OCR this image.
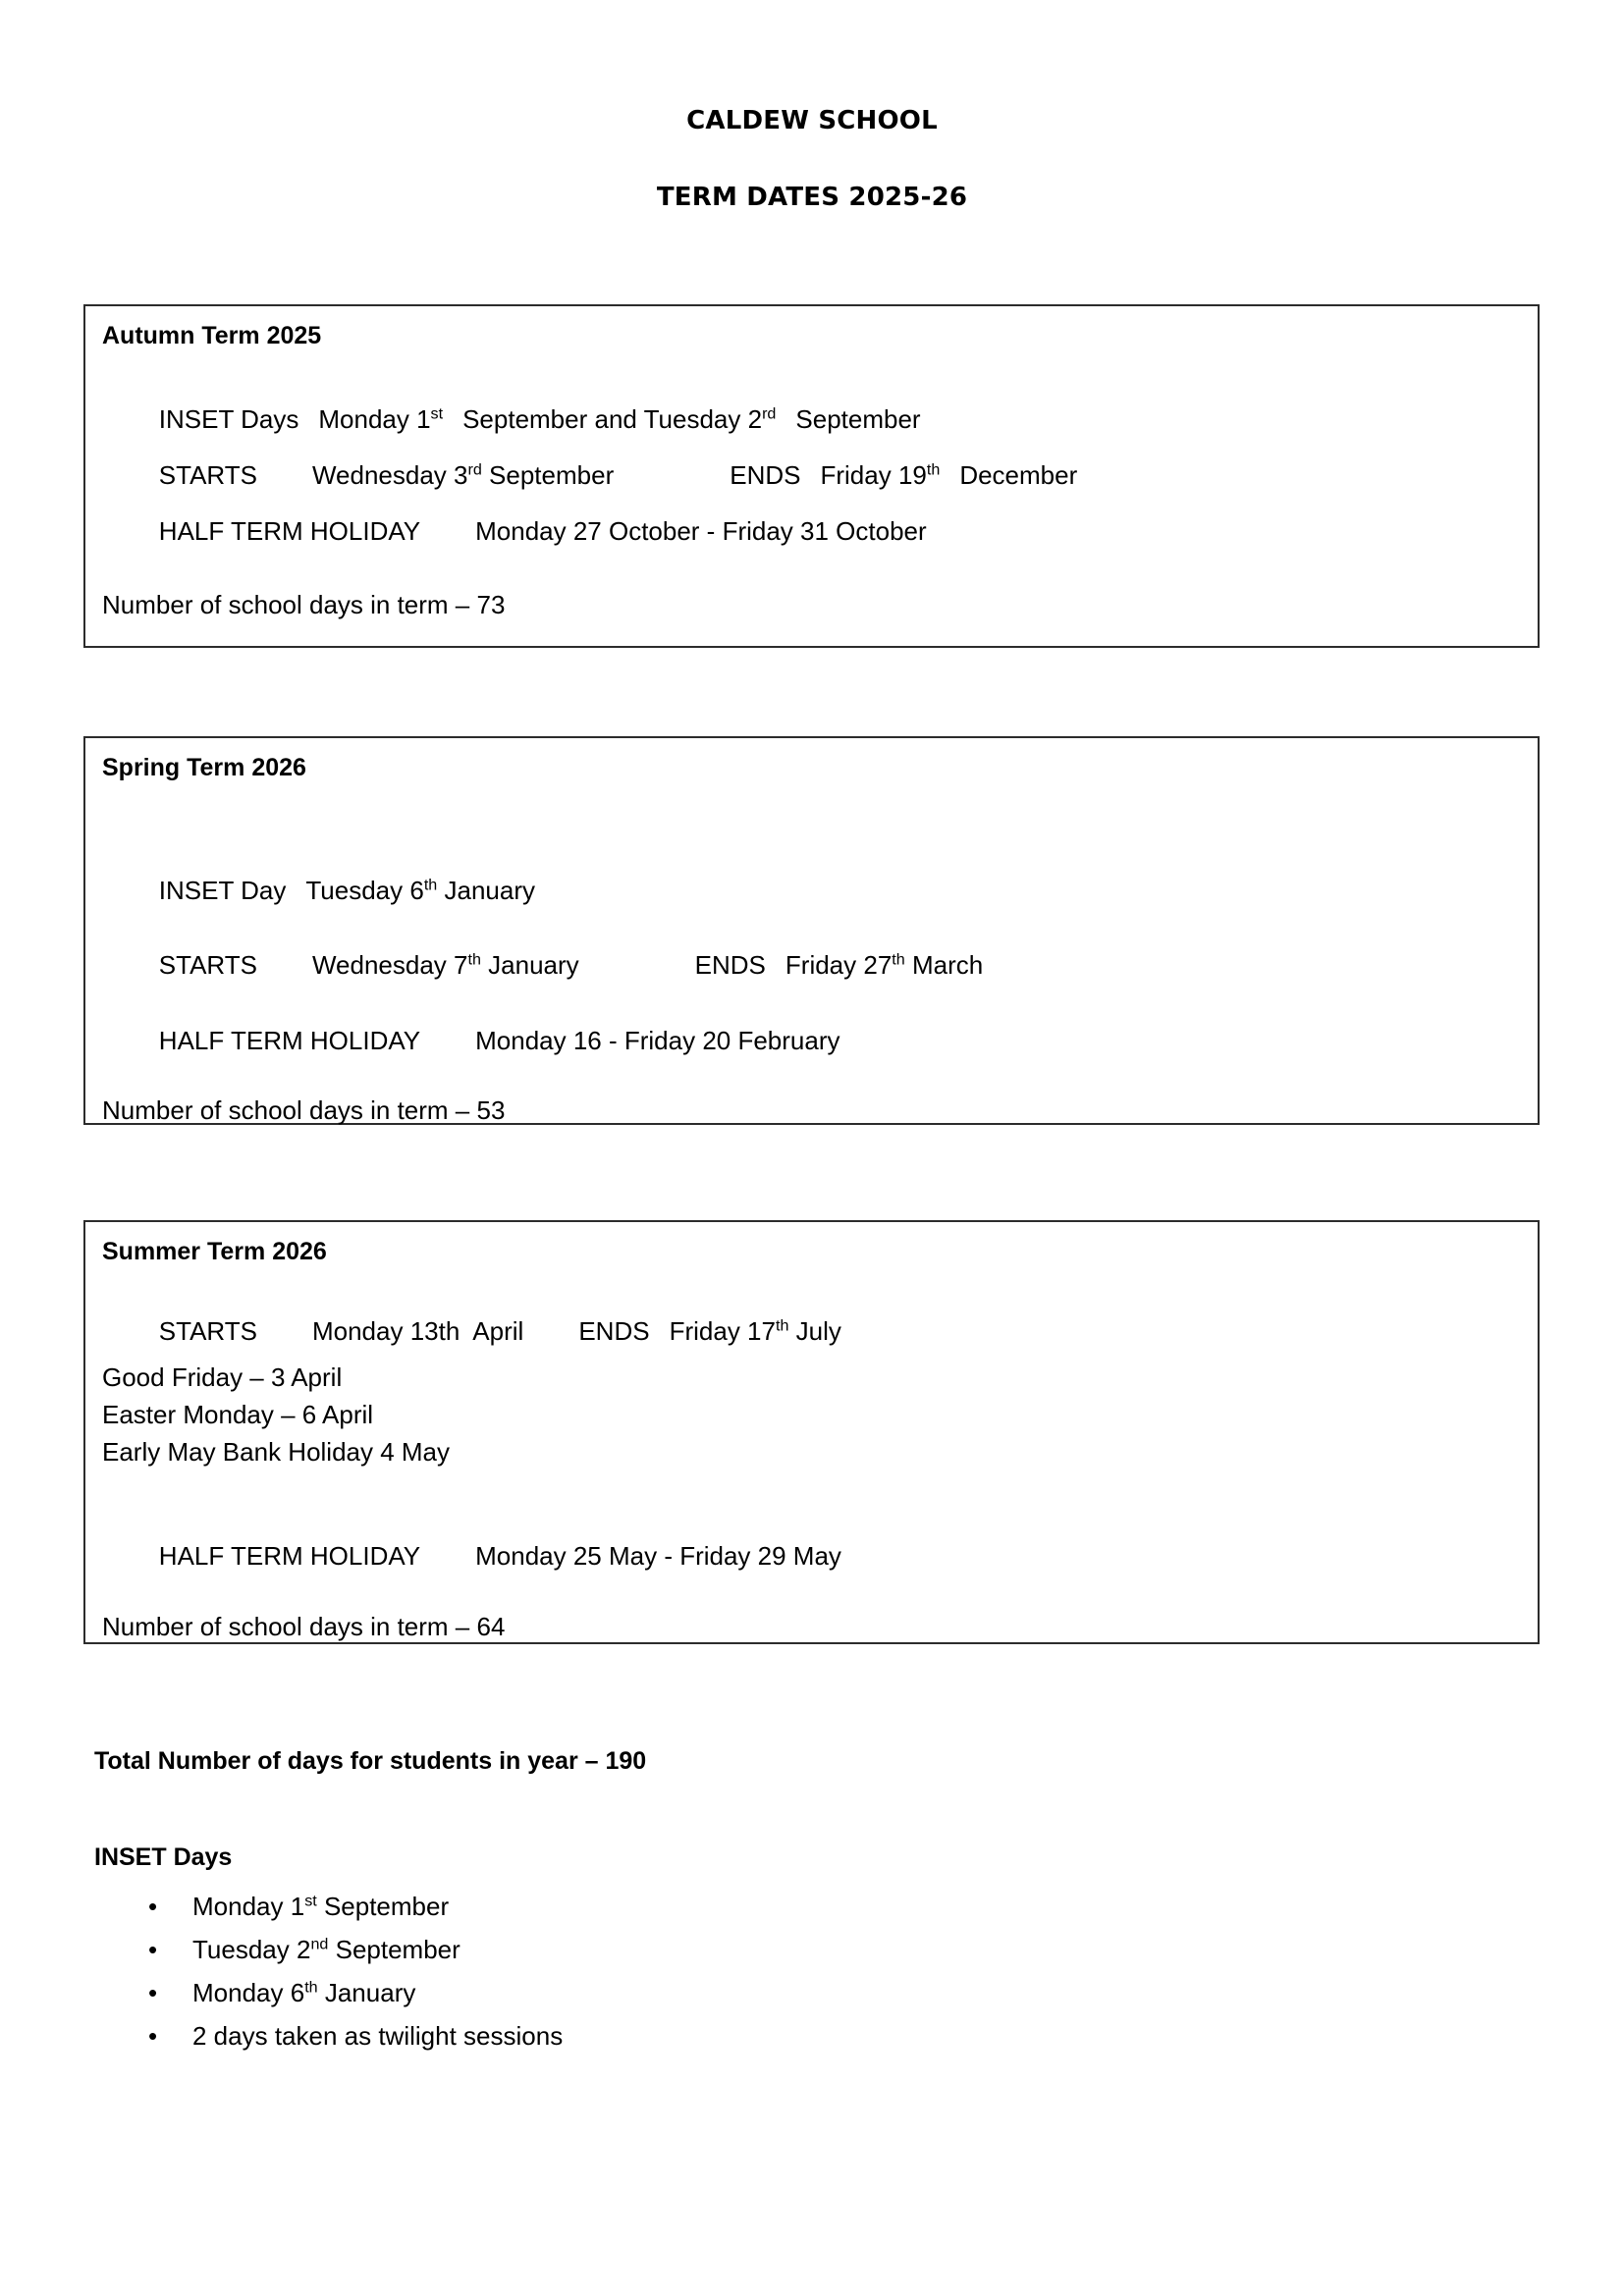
CALDEW SCHOOL
TERM DATES 2025-26
Autumn Term 2025

INSET Days Monday 1st September and Tuesday 2rd September

STARTS Wednesday 3rd September	ENDS Friday 19th December

HALF TERM HOLIDAY Monday 27 October - Friday 31 October

Number of school days in term – 73
Spring Term 2026

INSET Day Tuesday 6th January

STARTS Wednesday 7th January	ENDS Friday 27th March

HALF TERM HOLIDAY Monday 16 - Friday 20 February

Number of school days in term – 53
Summer Term 2026

STARTS Monday 13th  April ENDS Friday 17th July

Good Friday – 3 April
Easter Monday – 6 April
Early May Bank Holiday 4 May

HALF TERM HOLIDAY Monday 25 May - Friday 29 May

Number of school days in term – 64
Total Number of days for students in year – 190
INSET Days
• Monday 1st September
• Tuesday 2nd September
• Monday 6th January
• 2 days taken as twilight sessions
